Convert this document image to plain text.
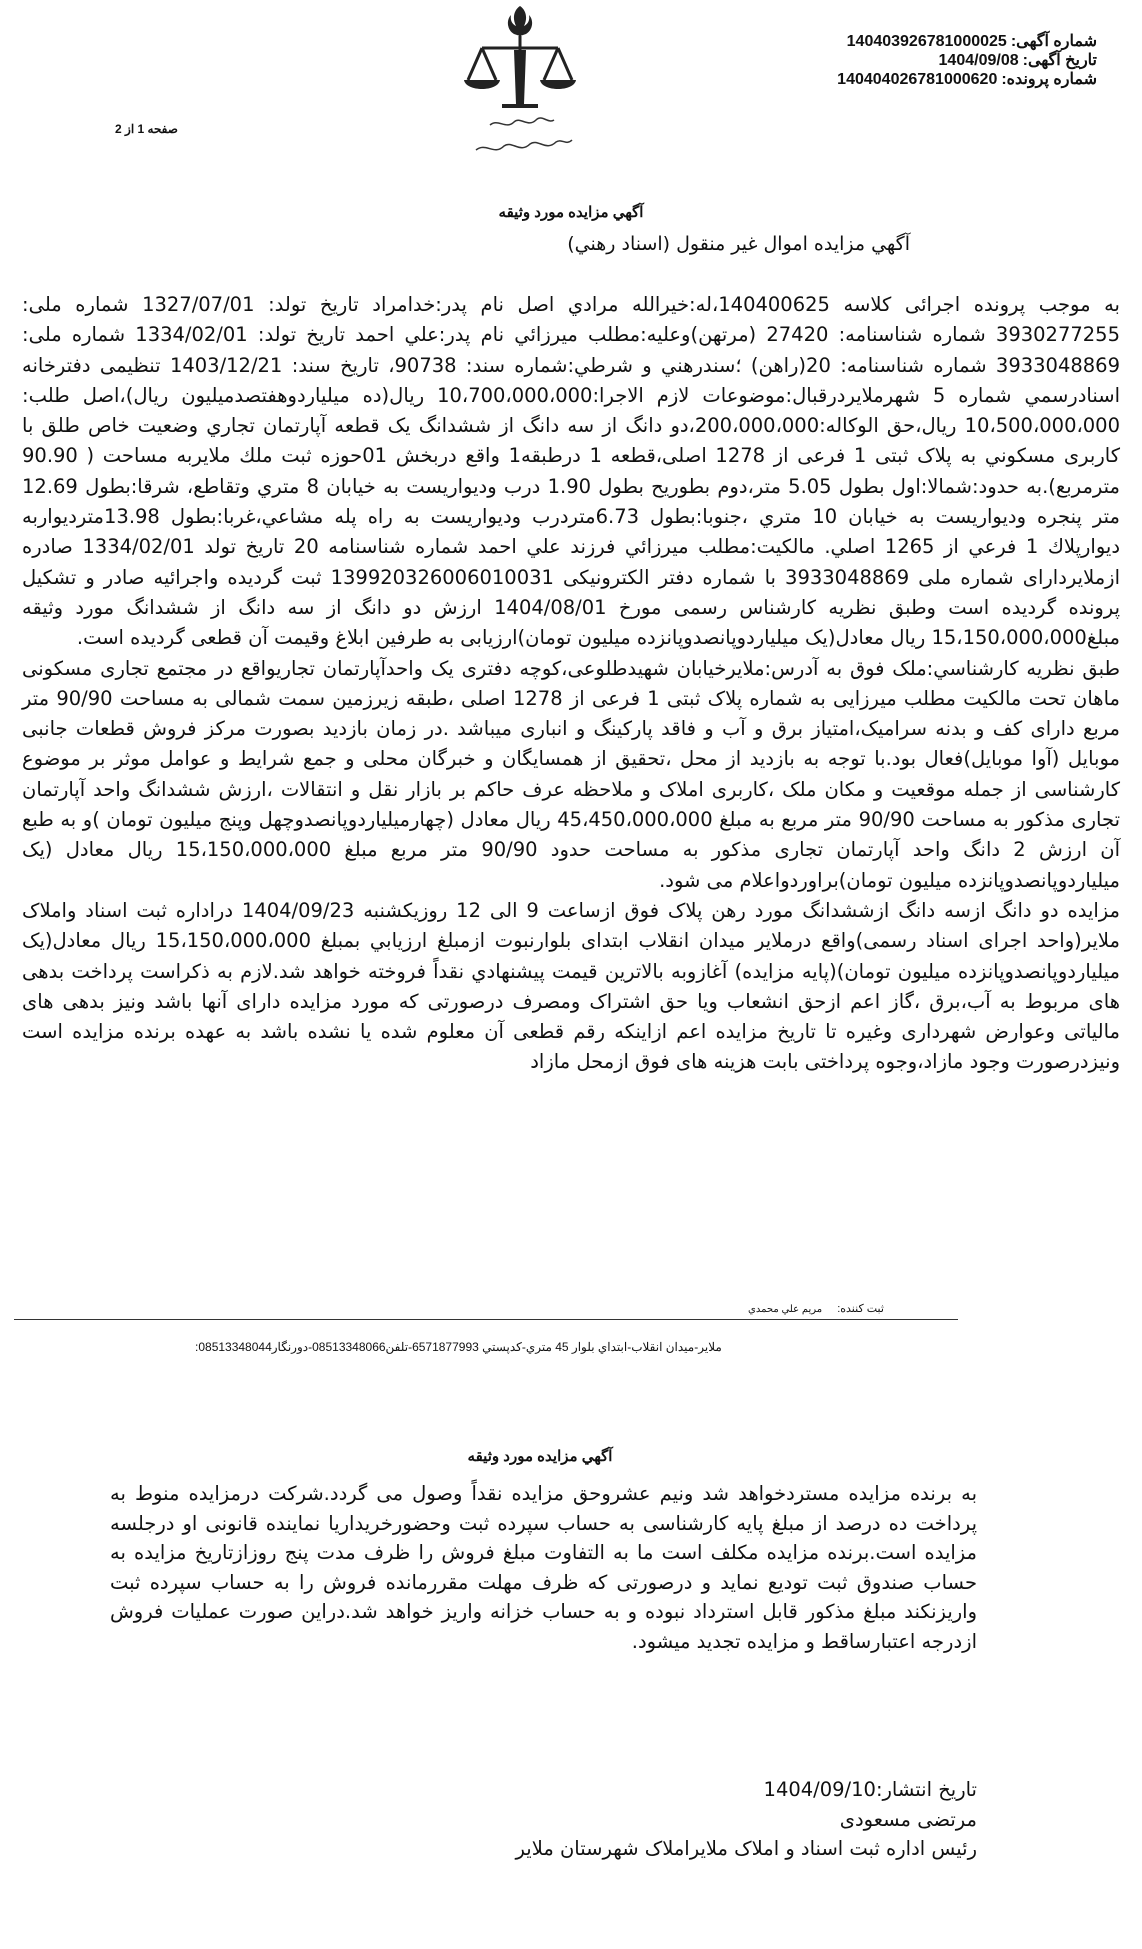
شماره آگهی:140403926781000025
تاریخ آگهی:1404/09/08
شماره پرونده:140404026781000620
صفحه 1 از 2
آگهي مزايده مورد وثيقه
آگهي مزايده اموال غير منقول (اسناد رهني)

به موجب پرونده اجرائی کلاسه 140400625،له:خيرالله مرادي اصل نام پدر:خدامراد تاريخ تولد: 1327/07/01 شماره ملی: 3930277255 شماره شناسنامه: 27420 (مرتهن)وعليه:مطلب ميرزائي نام پدر:علي احمد تاريخ تولد: 1334/02/01 شماره ملی: 3933048869 شماره شناسنامه: 20(راهن) ؛سندرهني و شرطي:شماره سند: 90738، تاريخ سند: 1403/12/21 تنظيمی دفترخانه اسنادرسمي شماره 5 شهرملايردرقبال:موضوعات لازم الاجرا:10،700،000،000 ريال(ده ميلياردوهفتصدميليون ريال)،اصل طلب: 10،500،000،000 ريال،حق الوكاله:200،000،000،دو دانگ از سه دانگ از ششدانگ يک قطعه آپارتمان تجاري وضعيت خاص طلق با کاربری مسکوني به پلاک ثبتی 1 فرعی از 1278 اصلی،قطعه 1 درطبقه1 واقع دربخش 01حوزه ثبت ملك ملايربه مساحت ( 90.90 مترمربع).به حدود:شمالا:اول بطول 5.05 متر،دوم بطوريح بطول 1.90 درب وديواريست به خيابان 8 متري وتقاطع، شرقا:بطول 12.69 متر پنجره وديواريست به خيابان 10 متري ،جنوبا:بطول 6.73متردرب وديواريست به راه پله مشاعي،غربا:بطول 13.98مترديواربه ديوارپلاك 1 فرعي از 1265 اصلي. مالکيت:مطلب ميرزائي فرزند علي احمد شماره شناسنامه 20 تاريخ تولد 1334/02/01 صادره ازملايردارای شماره ملی 3933048869 با شماره دفتر الکترونيکی 139920326006010031 ثبت گرديده واجرائيه صادر و تشکيل پرونده گرديده است وطبق نظريه كارشناس رسمی مورخ 1404/08/01 ارزش دو دانگ از سه دانگ از ششدانگ مورد وثيقه مبلغ15،150،000،000 ريال معادل(يک ميلياردوپانصدوپانزده ميليون تومان)ارزيابی به طرفين ابلاغ وقيمت آن قطعی گرديده است.

طبق نظريه كارشناسي:ملک فوق به آدرس:ملايرخيابان شهيدطلوعی،کوچه دفتری يک واحدآپارتمان تجاريواقع در مجتمع تجاری مسکونی ماهان تحت مالکيت مطلب ميرزايی به شماره پلاک ثبتی 1 فرعی از 1278 اصلی ،طبقه زيرزمين سمت شمالی به مساحت 90/90 متر مربع دارای کف و بدنه سراميک،امتياز برق و آب و فاقد پارکينگ و انباری ميباشد .در زمان بازديد بصورت مرکز فروش قطعات جانبی موبايل (آوا موبايل)فعال بود.با توجه به بازديد از محل ،تحقيق از همسايگان و خبرگان محلی و جمع شرايط و عوامل موثر بر موضوع کارشناسی از جمله موقعيت و مکان ملک ،کاربری املاک و ملاحظه عرف حاکم بر بازار نقل و انتقالات ،ارزش ششدانگ واحد آپارتمان تجاری مذکور به مساحت 90/90 متر مربع به مبلغ 45،450،000،000 ريال معادل (چهارميلياردوپانصدوچهل وپنج ميليون تومان )و به طبع آن ارزش 2 دانگ واحد آپارتمان تجاری مذکور به مساحت حدود 90/90 متر مربع مبلغ 15،150،000،000 ريال معادل (يک ميلياردوپانصدوپانزده ميليون تومان)براوردواعلام می شود.

مزايده دو دانگ ازسه دانگ ازششدانگ مورد رهن پلاک فوق ازساعت 9 الی 12 روزيکشنبه 1404/09/23 دراداره ثبت اسناد واملاک ملاير(واحد اجرای اسناد رسمی)واقع درملاير ميدان انقلاب ابتدای بلوارنبوت ازمبلغ ارزيابي بمبلغ 15،150،000،000 ريال معادل(يک ميلياردوپانصدوپانزده ميليون تومان)(پايه مزايده) آغازوبه بالاترين قيمت پيشنهادي نقداً فروخته خواهد شد.لازم به ذکراست پرداخت بدهی های مربوط به آب،برق ،گاز اعم ازحق انشعاب ويا حق اشتراک ومصرف درصورتی که مورد مزايده دارای آنها باشد ونيز بدهی های مالياتی وعوارض شهرداری وغيره تا تاريخ مزايده اعم ازاينکه رقم قطعی آن معلوم شده يا نشده باشد به عهده برنده مزايده است ونيزدرصورت وجود مازاد،وجوه پرداختی بابت هزينه های فوق ازمحل مازاد

ثبت کننده: مریم علي محمدي
ملاير-ميدان انقلاب-ابتداي بلوار 45 متري-کدپستي 6571877993-تلفن08513348066-دورنگار08513348044:
آگهي مزايده مورد وثيقه

به برنده مزايده مستردخواهد شد ونيم عشروحق مزايده نقداً وصول می گردد.شرکت درمزايده منوط به پرداخت ده درصد از مبلغ پايه کارشناسی به حساب سپرده ثبت وحضورخريداريا نماينده قانونی او درجلسه مزايده است.برنده مزايده مکلف است ما به التفاوت مبلغ فروش را ظرف مدت پنج روزازتاريخ مزايده به حساب صندوق ثبت توديع نمايد و درصورتی که ظرف مهلت مقررمانده فروش را به حساب سپرده ثبت واريزنکند مبلغ مذکور قابل استرداد نبوده و به حساب خزانه واريز خواهد شد.دراين صورت عمليات فروش ازدرجه اعتبارساقط و مزايده تجديد ميشود.

تاريخ انتشار:1404/09/10
مرتضی مسعودی
رئيس اداره ثبت اسناد و املاک ملايراملاک شهرستان ملاير
